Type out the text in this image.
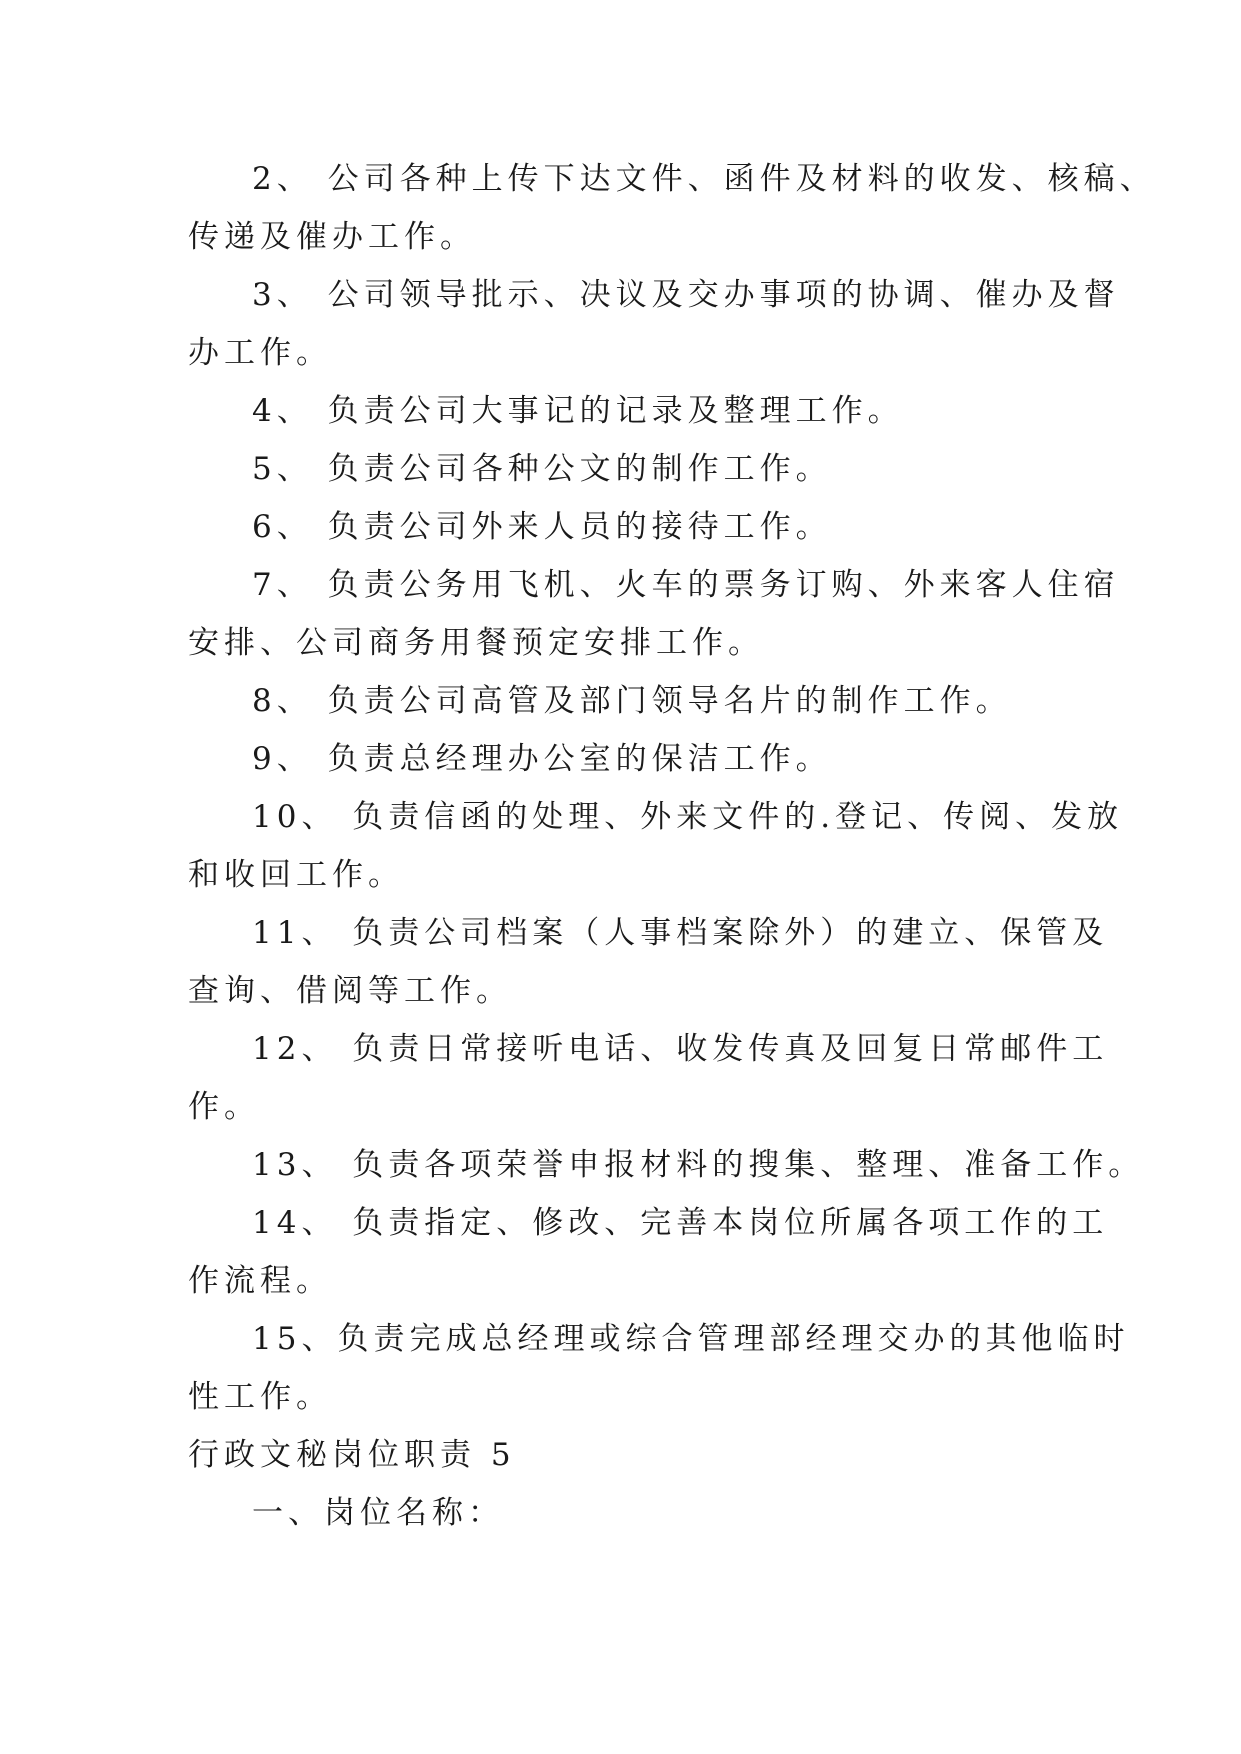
2、 公司各种上传下达文件、函件及材料的收发、核稿、
传递及催办工作。
3、 公司领导批示、决议及交办事项的协调、催办及督
办工作。
4、 负责公司大事记的记录及整理工作。
5、 负责公司各种公文的制作工作。
6、 负责公司外来人员的接待工作。
7、 负责公务用飞机、火车的票务订购、外来客人住宿
安排、公司商务用餐预定安排工作。
8、 负责公司高管及部门领导名片的制作工作。
9、 负责总经理办公室的保洁工作。
10、 负责信函的处理、外来文件的.登记、传阅、发放
和收回工作。
11、 负责公司档案（人事档案除外）的建立、保管及
查询、借阅等工作。
12、 负责日常接听电话、收发传真及回复日常邮件工
作。
13、 负责各项荣誉申报材料的搜集、整理、准备工作。
14、 负责指定、修改、完善本岗位所属各项工作的工
作流程。
15、负责完成总经理或综合管理部经理交办的其他临时
性工作。
行政文秘岗位职责 5
一、岗位名称：
